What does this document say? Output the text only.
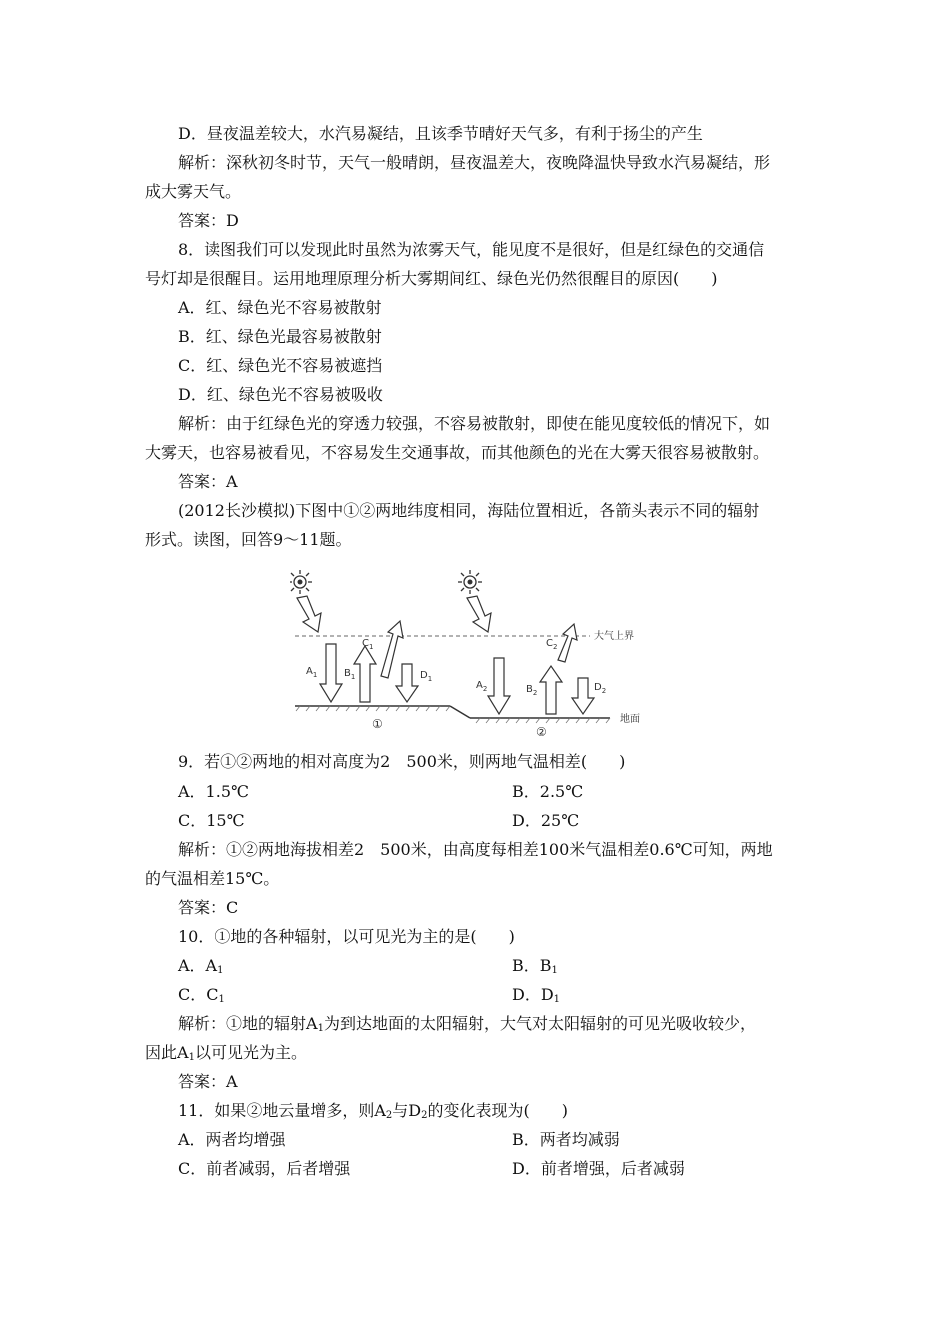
D．昼夜温差较大，水汽易凝结，且该季节晴好天气多，有利于扬尘的产生
解析：深秋初冬时节，天气一般晴朗，昼夜温差大，夜晚降温快导致水汽易凝结，形
成大雾天气。
答案：D
8．读图我们可以发现此时虽然为浓雾天气，能见度不是很好，但是红绿色的交通信
号灯却是很醒目。运用地理原理分析大雾期间红、绿色光仍然很醒目的原因(　　)
A．红、绿色光不容易被散射
B．红、绿色光最容易被散射
C．红、绿色光不容易被遮挡
D．红、绿色光不容易被吸收
解析：由于红绿色光的穿透力较强，不容易被散射，即使在能见度较低的情况下，如
大雾天，也容易被看见，不容易发生交通事故，而其他颜色的光在大雾天很容易被散射。
答案：A
(2012长沙模拟)下图中①②两地纬度相同，海陆位置相近，各箭头表示不同的辐射
形式。读图，回答9～11题。
大气上界
地面
①
②
$A_1$	$B_1$
$C_1$
$D_1$
$A_2$	$B_2$
$C_2$
$D_2$
9．若①②两地的相对高度为2　500米，则两地气温相差(　　)
A．1.5℃	B．2.5℃
C．15℃	D．25℃
解析：①②两地海拔相差2　500米，由高度每相差100米气温相差0.6℃可知，两地
的气温相差15℃。
答案：C
10．①地的各种辐射，以可见光为主的是(　　)
A．$A_1$	B．$B_1$
C．$C_1$	D．$D_1$
解析：①地的辐射$A_1$为到达地面的太阳辐射，大气对太阳辐射的可见光吸收较少，
因此$A_1$以可见光为主。
答案：A
11．如果②地云量增多，则$A_2$与$D_2$的变化表现为(　　)
A．两者均增强	B．两者均减弱
C．前者减弱，后者增强	D．前者增强，后者减弱
